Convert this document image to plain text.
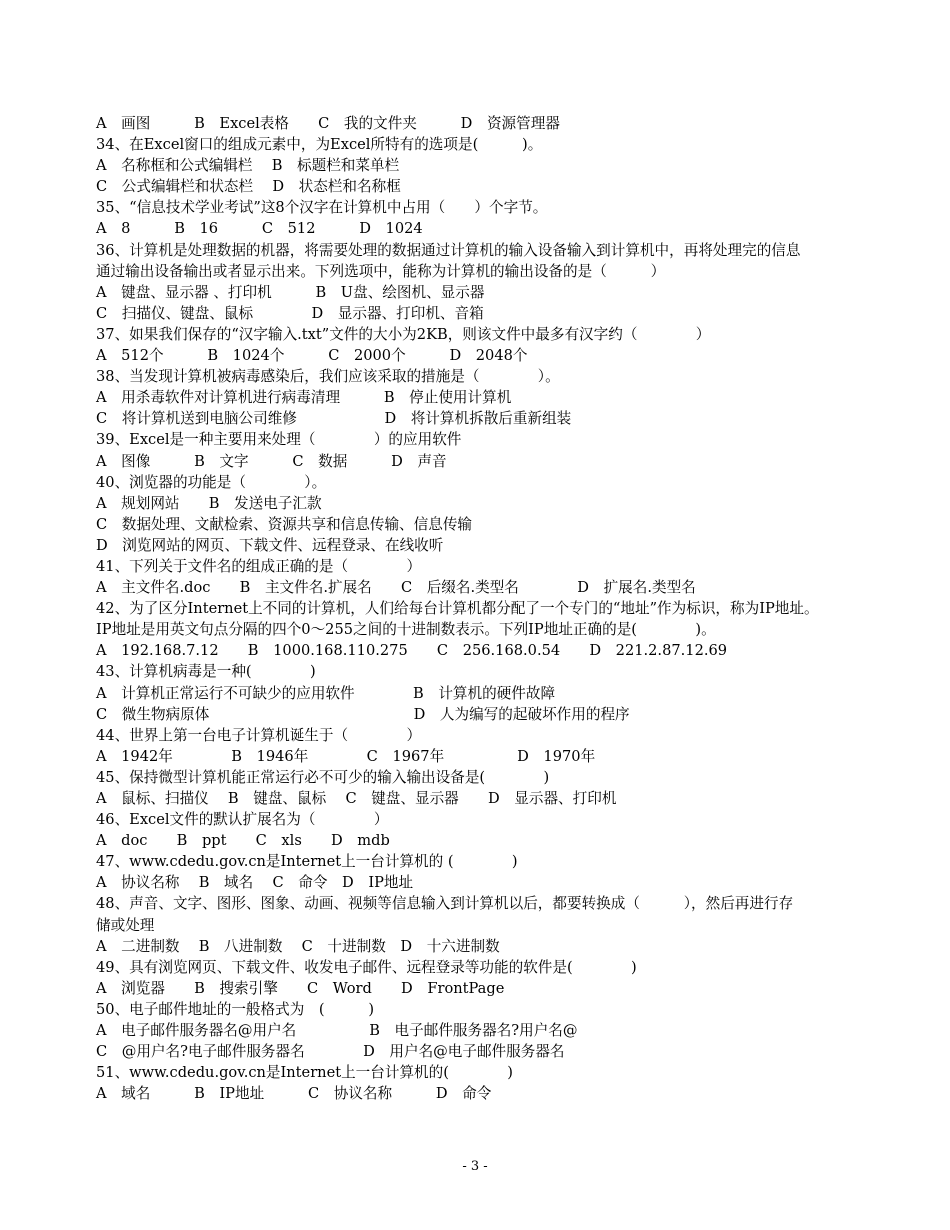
A　画图　　　B　Excel表格　　C　我的文件夹　　　D　资源管理器
34、在Excel窗口的组成元素中，为Excel所特有的选项是(　　　)。
A　名称框和公式编辑栏　 B　标题栏和菜单栏
C　公式编辑栏和状态栏　 D　状态栏和名称框
35、“信息技术学业考试”这8个汉字在计算机中占用（　　）个字节。
A　8　　　B　16　　　C　512　　　D　1024
36、计算机是处理数据的机器，将需要处理的数据通过计算机的输入设备输入到计算机中，再将处理完的信息
通过输出设备输出或者显示出来。下列选项中，能称为计算机的输出设备的是（　　　）
A　键盘、显示器 、打印机　　　B　U盘、绘图机、显示器
C　扫描仪、键盘、鼠标　　　　D　显示器、打印机、音箱
37、如果我们保存的“汉字输入.txt”文件的大小为2KB，则该文件中最多有汉字约（　　　　）
A　512个　　　B　1024个　　　C　2000个　　　D　2048个
38、当发现计算机被病毒感染后，我们应该采取的措施是（　　　　）。
A　用杀毒软件对计算机进行病毒清理　　　B　停止使用计算机
C　将计算机送到电脑公司维修　　　　　　D　将计算机拆散后重新组装
39、Excel是一种主要用来处理（　　　　）的应用软件
A　图像　　　B　文字　　　C　数据　　　D　声音
40、浏览器的功能是（　　　　）。
A　规划网站　　B　发送电子汇款
C　数据处理、文献检索、资源共享和信息传输、信息传输
D　浏览网站的网页、下载文件、远程登录、在线收听
41、下列关于文件名的组成正确的是（　　　　）
A　主文件名.doc　　B　主文件名.扩展名　　C　后缀名.类型名　　　　D　扩展名.类型名
42、为了区分Internet上不同的计算机，人们给每台计算机都分配了一个专门的“地址”作为标识，称为IP地址。
IP地址是用英文句点分隔的四个0～255之间的十进制数表示。下列IP地址正确的是(　　　　)。
A　192.168.7.12　　B　1000.168.110.275　　C　256.168.0.54　　D　221.2.87.12.69
43、计算机病毒是一种(　　　　)
A　计算机正常运行不可缺少的应用软件　　　　B　计算机的硬件故障
C　微生物病原体　　　　　　　　　　　　　　D　人为编写的起破坏作用的程序
44、世界上第一台电子计算机诞生于（　　　　）
A　1942年　　　　B　1946年　　　　C　1967年　　　　　D　1970年
45、保持微型计算机能正常运行必不可少的输入输出设备是(　　　　)
A　鼠标、扫描仪　 B　键盘、鼠标　 C　键盘、显示器　　D　显示器、打印机
46、Excel文件的默认扩展名为（　　　　）
A　doc　　B　ppt　　C　xls　　D　mdb
47、www.cdedu.gov.cn是Internet上一台计算机的 (　　　　)
A　协议名称　 B　域名　 C　命令　D　IP地址
48、声音、文字、图形、图象、动画、视频等信息输入到计算机以后，都要转换成（　　　），然后再进行存
储或处理
A　二进制数　 B　八进制数　 C　十进制数　D　十六进制数
49、具有浏览网页、下载文件、收发电子邮件、远程登录等功能的软件是(　　　　)
A　浏览器　　B　搜索引擎　　C　Word　　D　FrontPage
50、电子邮件地址的一般格式为　(　　　)
A　电子邮件服务器名@用户名　　　　　B　电子邮件服务器名?用户名@
C　@用户名?电子邮件服务器名　　　　D　用户名@电子邮件服务器名
51、www.cdedu.gov.cn是Internet上一台计算机的(　　　　)
A　域名　　　B　IP地址　　　C　协议名称　　　D　命令
- 3 -
